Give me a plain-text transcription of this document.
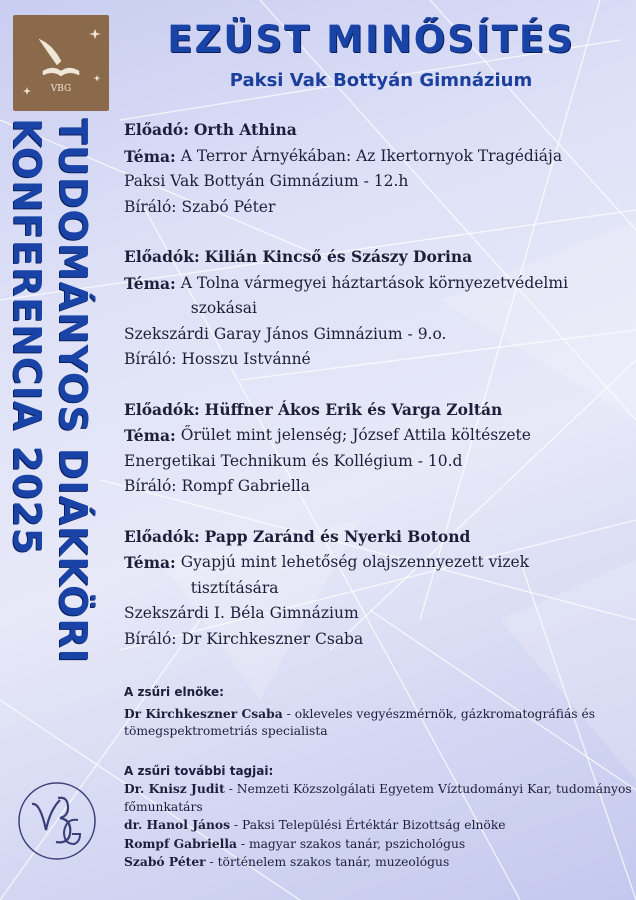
VBG
EZÜST MINŐSÍTÉS
Paksi Vak Bottyán Gimnázium
TUDOMÁNYOS DIÁKKÖRI
KONFERENCIA 2025	Előadó: Orth Athina
Téma:
A Terror Árnyékában: Az Ikertornyok Tragédiája
Paksi Vak Bottyán Gimnázium - 12.h
Bíráló: Szabó Péter
Előadók: Kilián Kincső és Szászy Dorina
Téma:
A Tolna vármegyei háztartások környezetvédelmi
szokásai
Szekszárdi Garay János Gimnázium - 9.o.
Bíráló: Hosszu Istvánné
Előadók: Hüffner Ákos Erik és Varga Zoltán
Téma:
Őrület mint jelenség; József Attila költészete
Energetikai Technikum és Kollégium - 10.d
Bíráló: Rompf Gabriella
Előadók: Papp Zaránd és Nyerki Botond
Téma:
Gyapjú mint lehetőség olajszennyezett vizek
tisztítására
Szekszárdi I. Béla Gimnázium
Bíráló: Dr Kirchkeszner Csaba
A zsűri elnöke:
Dr Kirchkeszner Csaba - okleveles vegyészmérnök, gázkromatográfiás és tömegspektrometriás specialista
A zsűri további tagjai:
Dr. Knisz Judit - Nemzeti Közszolgálati Egyetem Víztudományi Kar, tudományos főmunkatárs
dr. Hanol János - Paksi Települési Értéktár Bizottság elnöke
Rompf Gabriella - magyar szakos tanár, pszichológus
Szabó Péter - történelem szakos tanár, muzeológus
